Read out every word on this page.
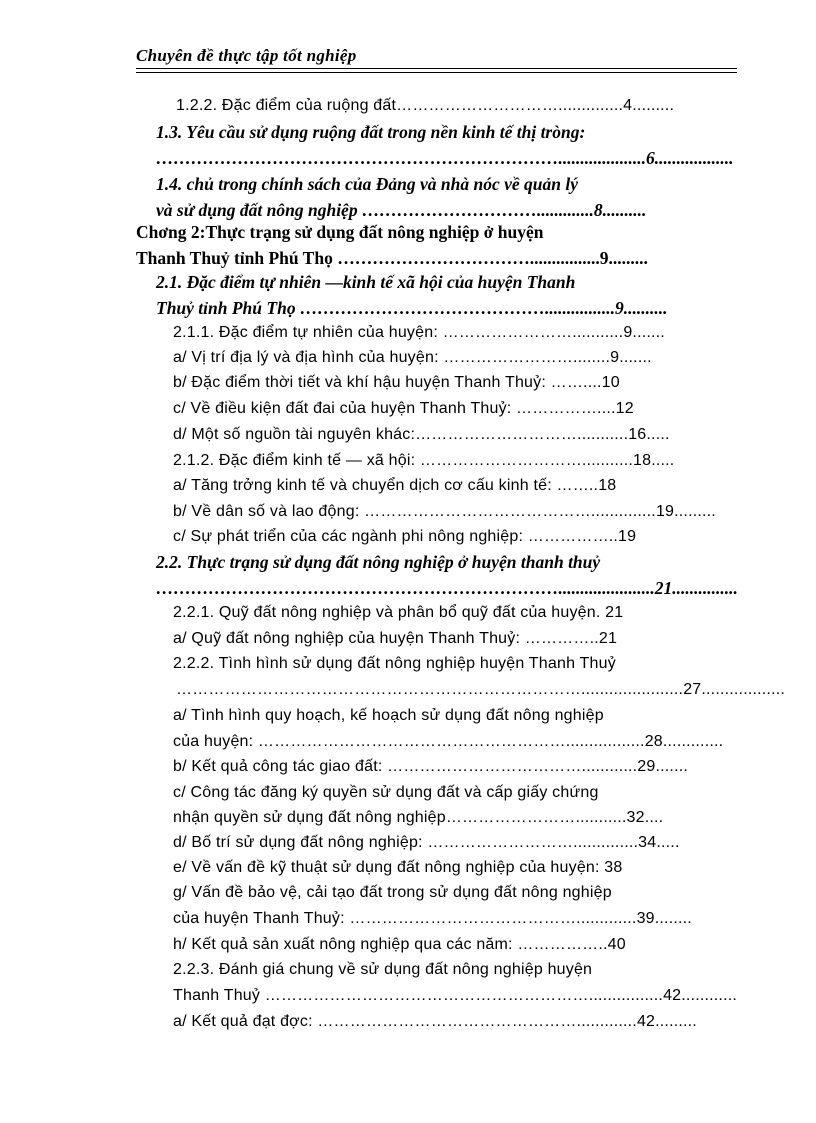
Chuyên đề thực tập tốt nghiệp
1.2.2. Đặc điểm của ruộng đất…………………………..............4.........
1.3. Yêu cầu sử dụng ruộng đất trong nền kinh tế thị tròng:
……………………………………………………………....................6..................
1.4. chủ trong chính sách của Đảng và nhà nóc về quản lý
và sử dụng đất nông nghiệp ………………………….............8..........
Chơng 2:Thực trạng sử dụng đất nông nghiệp ở huyện
Thanh Thuỷ tỉnh Phú Thọ ……………………………................9.........
2.1. Đặc điểm tự nhiên —kinh tế xã hội của huyện Thanh
Thuỷ tỉnh Phú Thọ ……………………………………................9..........
2.1.1. Đặc điểm tự nhiên của huyện: ……………………...........9.......
a/ Vị trí địa lý và địa hình của huyện: ……………………........9.......
b/ Đặc điểm thời tiết và khí hậu huyện Thanh Thuỷ: ……....10
c/ Về điều kiện đất đai của huyện Thanh Thuỷ: ……………....12
d/ Một số nguồn tài nguyên khác:…………………………...........16.....
2.1.2. Đặc điểm kinh tế — xã hội: …………………………...........18.....
a/ Tăng trởng kinh tế và chuyển dịch cơ cấu kinh tế: ……..18
b/ Về dân số và lao động: ……………………………………..............19.........
c/ Sự phát triển của các ngành phi nông nghiệp: ……………..19
2.2. Thực trạng sử dụng đất nông nghiệp ở huyện thanh thuỷ
……………………………………………………………......................21...............
2.2.1. Quỹ đất nông nghiệp và phân bổ quỹ đất của huyện. 21
a/ Quỹ đất nông nghiệp của huyện Thanh Thuỷ: …………..21
2.2.2. Tình hình sử dụng đất nông nghiệp huyện Thanh Thuỷ
…………………………………………………………………......................27..................
a/ Tình hình quy hoạch, kế hoạch sử dụng đất nông nghiệp
của huyện: ………………………………………………….................28.............
b/ Kết quả công tác giao đất: ………………………………............29.......
c/ Công tác đăng ký quyền sử dụng đất và cấp giấy chứng
nhận quyền sử dụng đất nông nghiệp……………………...........32....
d/ Bố trí sử dụng đất nông nghiệp: ………………………..............34.....
e/ Về vấn đề kỹ thuật sử dụng đất nông nghiệp của huyện: 38
g/ Vấn đề bảo vệ, cải tạo đất trong sử dụng đất nông nghiệp
của huyện Thanh Thuỷ: …………………………………….............39........
h/ Kết quả sản xuất nông nghiệp qua các năm: ……………..40
2.2.3. Đánh giá chung về sử dụng đất nông nghiệp huyện
Thanh Thuỷ ……………………………………………………................42............
a/ Kết quả đạt đợc: ………………………………………….............42.........
